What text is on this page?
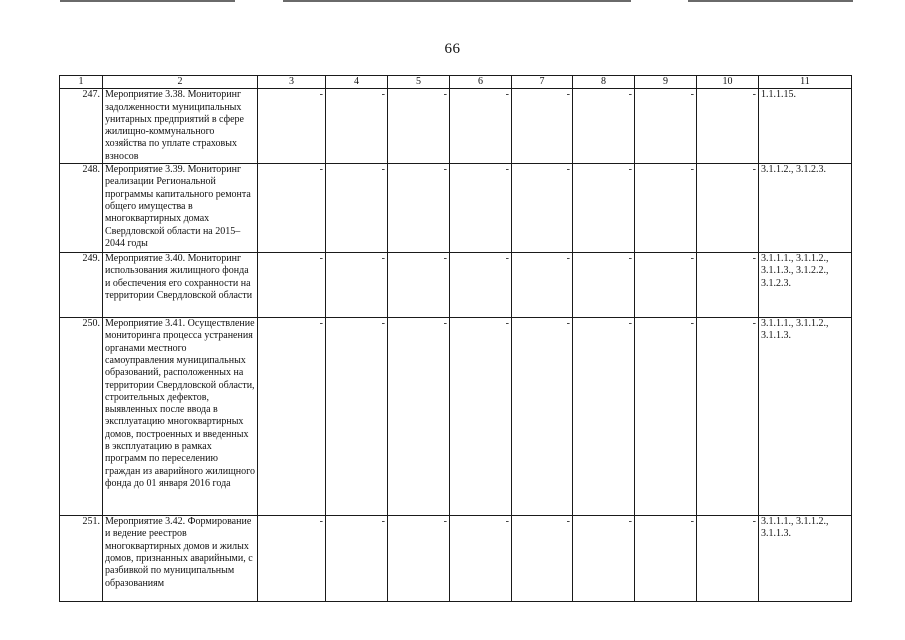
66
1	2	3	4	5	6	7	8	9	10	11
247.	Мероприятие 3.38. Мониторинг задолженности муниципальных унитарных предприятий в сфере жилищно-коммунального хозяйства по уплате страховых взносов	-	-	-	-	-	-	-	-	1.1.1.15.
248.	Мероприятие 3.39. Мониторинг реализации Региональной программы капитального ремонта общего имущества в многоквартирных домах Свердловской области на 2015–2044 годы	-	-	-	-	-	-	-	-	3.1.1.2., 3.1.2.3.
249.	Мероприятие 3.40. Мониторинг использования жилищного фонда и обеспечения его сохранности на территории Свердловской области	-	-	-	-	-	-	-	-	3.1.1.1., 3.1.1.2., 3.1.1.3., 3.1.2.2., 3.1.2.3.
250.	Мероприятие 3.41. Осуществление мониторинга процесса устранения органами местного самоуправления муниципальных образований, расположенных на территории Свердловской области, строительных дефектов, выявленных после ввода в эксплуатацию многоквартирных домов, построенных и введенных в эксплуатацию в рамках программ по переселению граждан из аварийного жилищного фонда до 01 января 2016 года	-	-	-	-	-	-	-	-	3.1.1.1., 3.1.1.2., 3.1.1.3.
251.	Мероприятие 3.42. Формирование и ведение реестров многоквартирных домов и жилых домов, признанных аварийными, с разбивкой по муниципальным образованиям	-	-	-	-	-	-	-	-	3.1.1.1., 3.1.1.2., 3.1.1.3.
